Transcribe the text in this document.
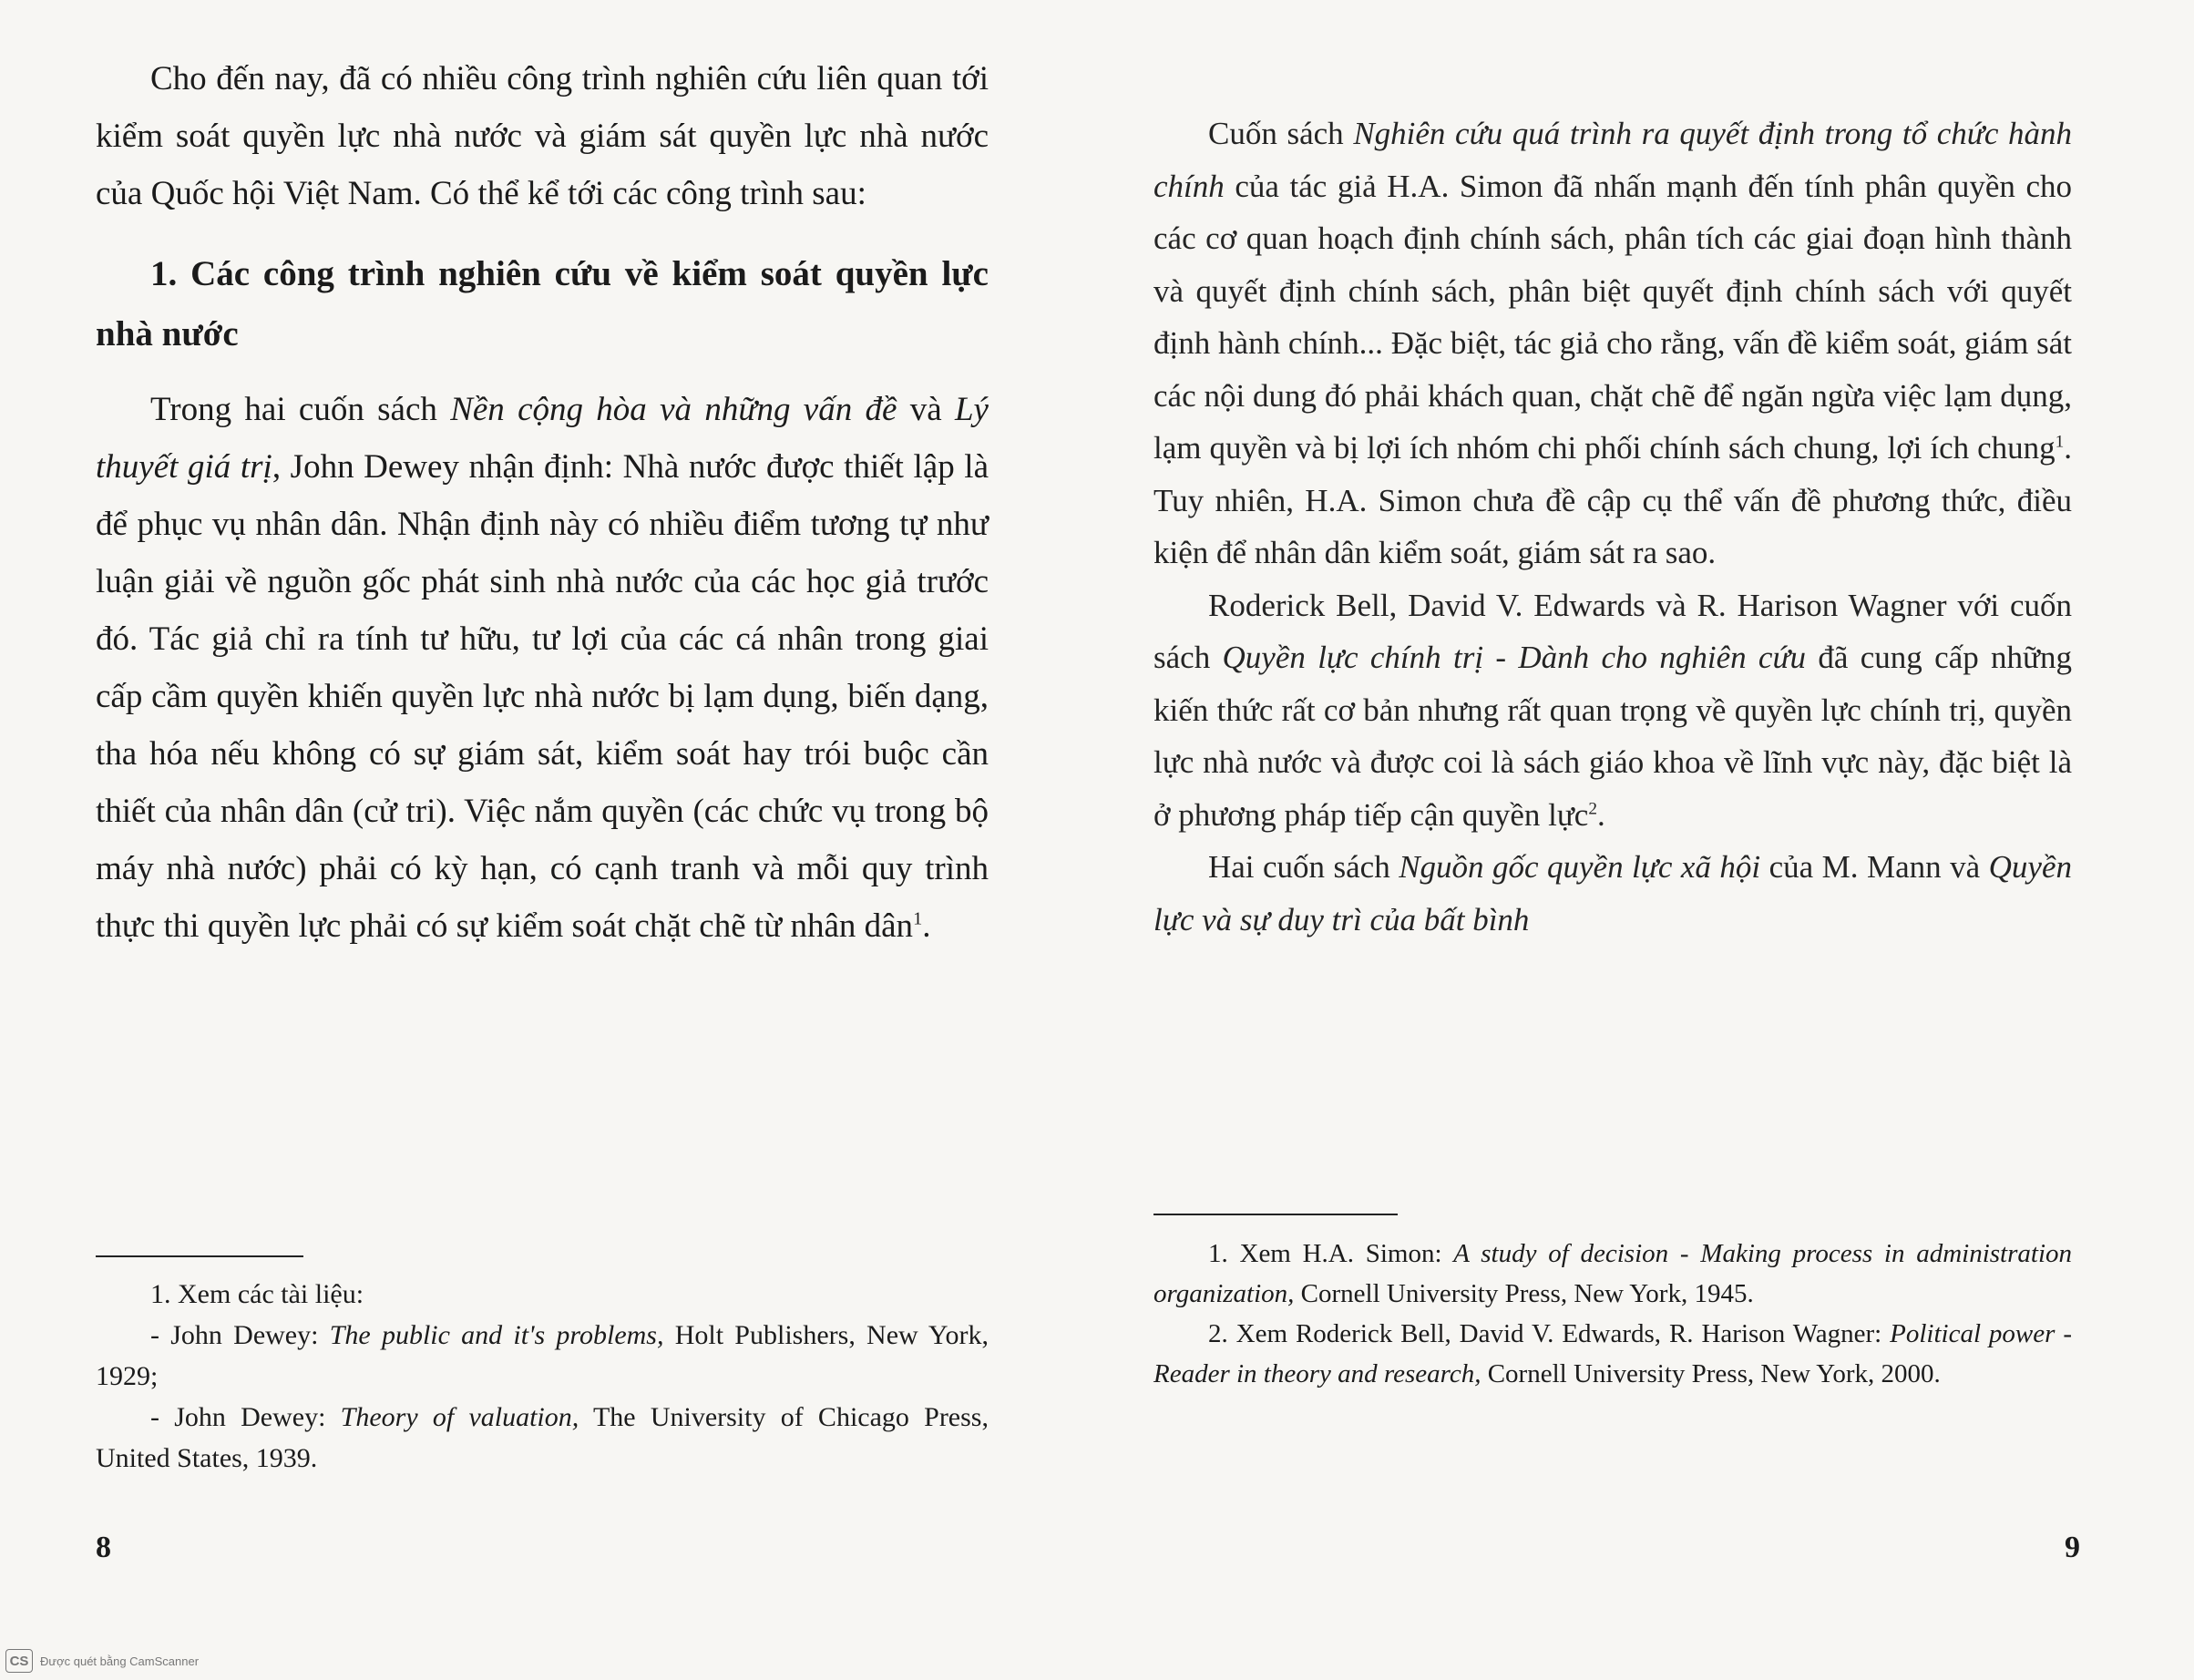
Cho đến nay, đã có nhiều công trình nghiên cứu liên quan tới kiểm soát quyền lực nhà nước và giám sát quyền lực nhà nước của Quốc hội Việt Nam. Có thể kể tới các công trình sau:

1. Các công trình nghiên cứu về kiểm soát quyền lực nhà nước

Trong hai cuốn sách Nền cộng hòa và những vấn đề và Lý thuyết giá trị, John Dewey nhận định: Nhà nước được thiết lập là để phục vụ nhân dân. Nhận định này có nhiều điểm tương tự như luận giải về nguồn gốc phát sinh nhà nước của các học giả trước đó. Tác giả chỉ ra tính tư hữu, tư lợi của các cá nhân trong giai cấp cầm quyền khiến quyền lực nhà nước bị lạm dụng, biến dạng, tha hóa nếu không có sự giám sát, kiểm soát hay trói buộc cần thiết của nhân dân (cử tri). Việc nắm quyền (các chức vụ trong bộ máy nhà nước) phải có kỳ hạn, có cạnh tranh và mỗi quy trình thực thi quyền lực phải có sự kiểm soát chặt chẽ từ nhân dân$^1$.

1. Xem các tài liệu:

- John Dewey: The public and it's problems, Holt Publishers, New York, 1929;

- John Dewey: Theory of valuation, The University of Chicago Press, United States, 1939.

8

Cuốn sách Nghiên cứu quá trình ra quyết định trong tổ chức hành chính của tác giả H.A. Simon đã nhấn mạnh đến tính phân quyền cho các cơ quan hoạch định chính sách, phân tích các giai đoạn hình thành và quyết định chính sách, phân biệt quyết định chính sách với quyết định hành chính... Đặc biệt, tác giả cho rằng, vấn đề kiểm soát, giám sát các nội dung đó phải khách quan, chặt chẽ để ngăn ngừa việc lạm dụng, lạm quyền và bị lợi ích nhóm chi phối chính sách chung, lợi ích chung$^1$. Tuy nhiên, H.A. Simon chưa đề cập cụ thể vấn đề phương thức, điều kiện để nhân dân kiểm soát, giám sát ra sao.

Roderick Bell, David V. Edwards và R. Harison Wagner với cuốn sách Quyền lực chính trị - Dành cho nghiên cứu đã cung cấp những kiến thức rất cơ bản nhưng rất quan trọng về quyền lực chính trị, quyền lực nhà nước và được coi là sách giáo khoa về lĩnh vực này, đặc biệt là ở phương pháp tiếp cận quyền lực$^2$.

Hai cuốn sách Nguồn gốc quyền lực xã hội của M. Mann và Quyền lực và sự duy trì của bất bình

1. Xem H.A. Simon: A study of decision - Making process in administration organization, Cornell University Press, New York, 1945.

2. Xem Roderick Bell, David V. Edwards, R. Harison Wagner: Political power - Reader in theory and research, Cornell University Press, New York, 2000.

9
CS Được quét bằng CamScanner
